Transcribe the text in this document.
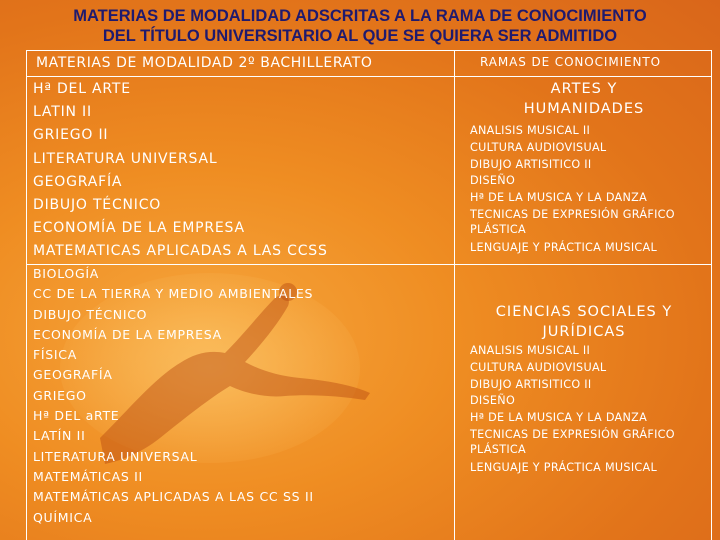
MATERIAS DE MODALIDAD ADSCRITAS A LA RAMA DE CONOCIMIENTO
DEL TÍTULO UNIVERSITARIO AL QUE SE QUIERA SER ADMITIDO
MATERIAS DE MODALIDAD 2º BACHILLERATO	RAMAS DE CONOCIMIENTO
Hª DEL ARTE
LATIN II
GRIEGO II
LITERATURA UNIVERSAL
GEOGRAFÍA
DIBUJO TÉCNICO
ECONOMÍA DE LA EMPRESA
MATEMATICAS APLICADAS A LAS CCSS
ARTES Y
HUMANIDADES
ANALISIS MUSICAL II
CULTURA AUDIOVISUAL
DIBUJO ARTISITICO II
DISEÑO
Hª DE LA MUSICA Y LA DANZA
TECNICAS DE EXPRESIÓN GRÁFICO
PLÁSTICA
LENGUAJE Y PRÁCTICA MUSICAL
BIOLOGÍA
CC DE LA TIERRA Y MEDIO AMBIENTALES
DIBUJO TÉCNICO
ECONOMÍA DE LA EMPRESA
FÍSICA
GEOGRAFÍA
GRIEGO
Hª DEL aRTE
LATÍN II
LITERATURA UNIVERSAL
MATEMÁTICAS II
MATEMÁTICAS APLICADAS A LAS CC SS II
QUÍMICA
CIENCIAS SOCIALES Y
JURÍDICAS
ANALISIS MUSICAL II
CULTURA AUDIOVISUAL
DIBUJO ARTISITICO II
DISEÑO
Hª DE LA MUSICA Y LA DANZA
TECNICAS DE EXPRESIÓN GRÁFICO
PLÁSTICA
LENGUAJE Y PRÁCTICA MUSICAL
